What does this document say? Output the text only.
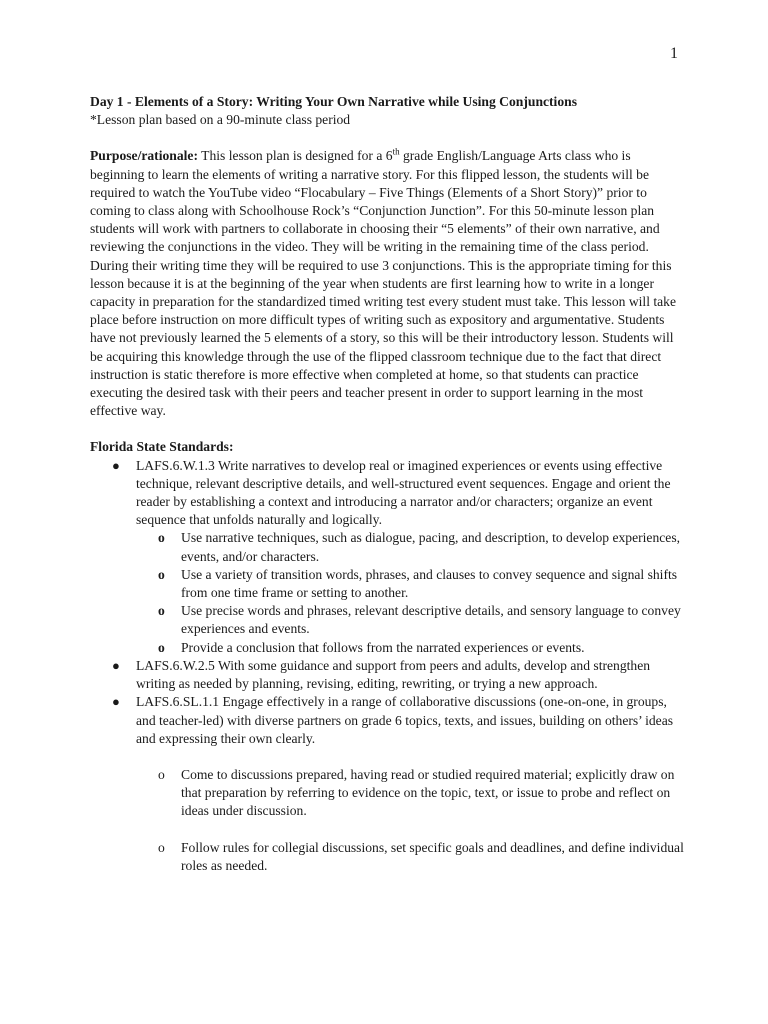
1

Day 1 - Elements of a Story: Writing Your Own Narrative while Using Conjunctions

*Lesson plan based on a 90-minute class period

Purpose/rationale: This lesson plan is designed for a 6th grade English/Language Arts class who is beginning to learn the elements of writing a narrative story. For this flipped lesson, the students will be required to watch the YouTube video “Flocabulary – Five Things (Elements of a Short Story)” prior to coming to class along with Schoolhouse Rock’s “Conjunction Junction”. For this 50-minute lesson plan students will work with partners to collaborate in choosing their “5 elements” of their own narrative, and reviewing the conjunctions in the video. They will be writing in the remaining time of the class period. During their writing time they will be required to use 3 conjunctions. This is the appropriate timing for this lesson because it is at the beginning of the year when students are first learning how to write in a longer capacity in preparation for the standardized timed writing test every student must take. This lesson will take place before instruction on more difficult types of writing such as expository and argumentative. Students have not previously learned the 5 elements of a story, so this will be their introductory lesson. Students will be acquiring this knowledge through the use of the flipped classroom technique due to the fact that direct instruction is static therefore is more effective when completed at home, so that students can practice executing the desired task with their peers and teacher present in order to support learning in the most effective way.

Florida State Standards:

● LAFS.6.W.1.3 Write narratives to develop real or imagined experiences or events using effective technique, relevant descriptive details, and well-structured event sequences. Engage and orient the reader by establishing a context and introducing a narrator and/or characters; organize an event sequence that unfolds naturally and logically.
o Use narrative techniques, such as dialogue, pacing, and description, to develop experiences, events, and/or characters.
o Use a variety of transition words, phrases, and clauses to convey sequence and signal shifts from one time frame or setting to another.
o Use precise words and phrases, relevant descriptive details, and sensory language to convey experiences and events.
o Provide a conclusion that follows from the narrated experiences or events.
● LAFS.6.W.2.5 With some guidance and support from peers and adults, develop and strengthen writing as needed by planning, revising, editing, rewriting, or trying a new approach.
● LAFS.6.SL.1.1 Engage effectively in a range of collaborative discussions (one-on-one, in groups, and teacher-led) with diverse partners on grade 6 topics, texts, and issues, building on others’ ideas and expressing their own clearly.
o Come to discussions prepared, having read or studied required material; explicitly draw on that preparation by referring to evidence on the topic, text, or issue to probe and reflect on ideas under discussion.
o Follow rules for collegial discussions, set specific goals and deadlines, and define individual roles as needed.
